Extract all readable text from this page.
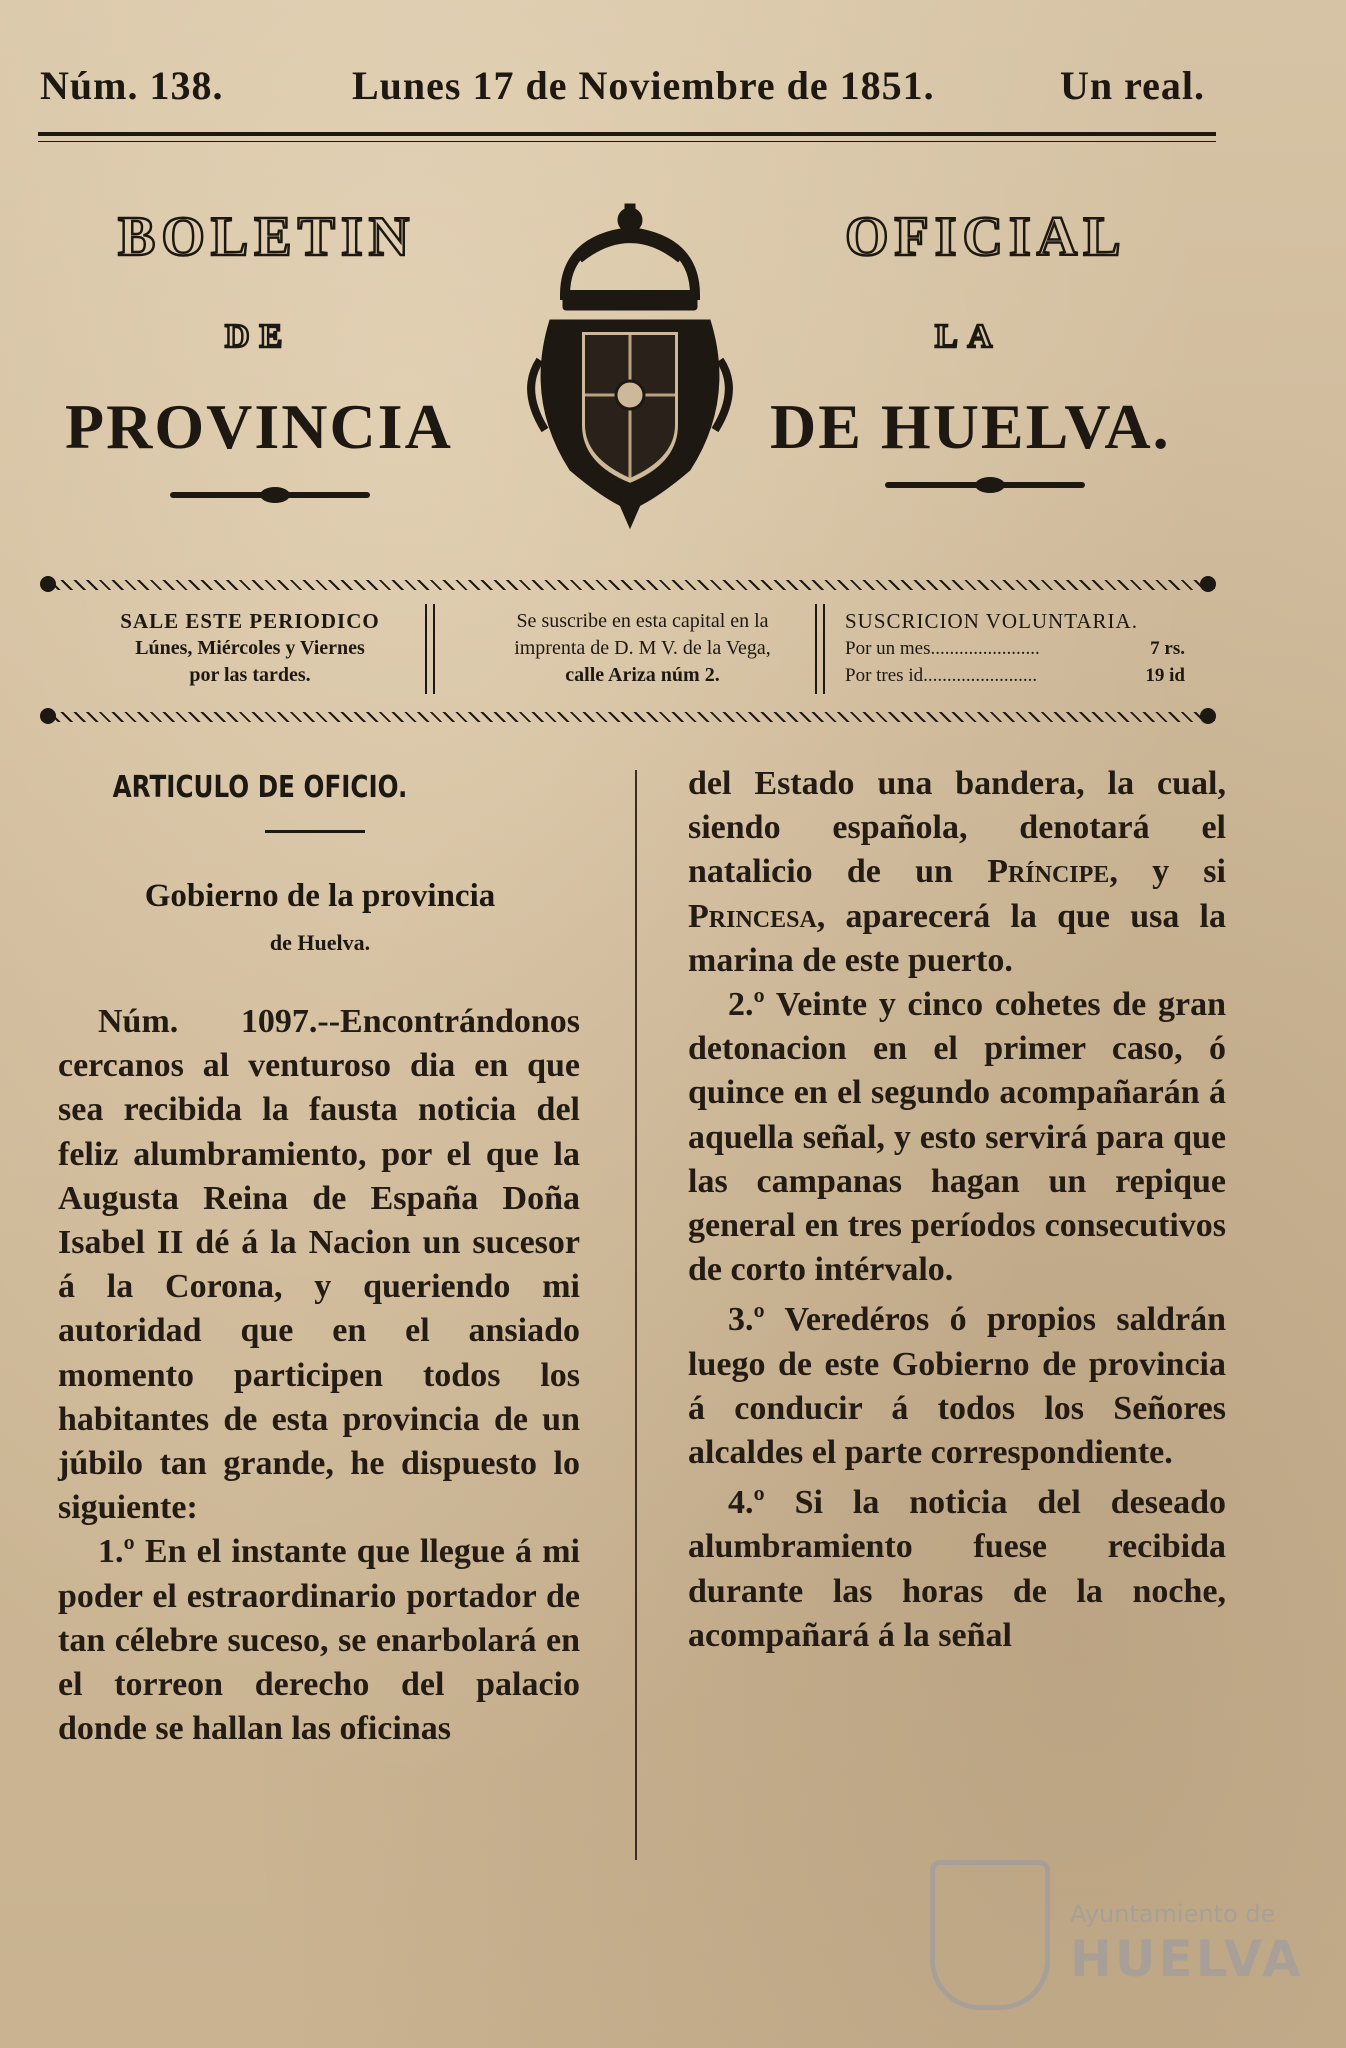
Núm. 138.	Lunes 17 de Noviembre de 1851.	Un real.
BOLETIN	OFICIAL
DE	LA
PROVINCIA	DE HUELVA.
SALE ESTE PERIODICO
Lúnes, Miércoles y Viernes
por las tardes.
Se suscribe en esta capital en la
imprenta de D. M V. de la Vega,
calle Ariza núm 2.
SUSCRICION VOLUNTARIA.
Por un mes.......................	7 rs.
Por tres id........................	19 id
ARTICULO DE OFICIO.
Gobierno de la provincia
de Huelva.

Núm. 1097.--Encontrándonos cercanos al venturoso dia en que sea recibida la fausta noticia del feliz alumbramiento, por el que la Augusta Reina de España Doña Isabel II dé á la Nacion un sucesor á la Corona, y queriendo mi autoridad que en el ansiado momento participen todos los habitantes de esta provincia de un júbilo tan grande, he dispuesto lo siguiente:

1.º En el instante que llegue á mi poder el estraordinario portador de tan célebre suceso, se enarbolará en el torreon derecho del palacio donde se hallan las oficinas

del Estado una bandera, la cual, siendo española, denotará el natalicio de un Príncipe, y si Princesa, aparecerá la que usa la marina de este puerto.

2.º Veinte y cinco cohetes de gran detonacion en el primer caso, ó quince en el segundo acompañarán á aquella señal, y esto servirá para que las campanas hagan un repique general en tres períodos consecutivos de corto intérvalo.

3.º Veredéros ó propios saldrán luego de este Gobierno de provincia á conducir á todos los Señores alcaldes el parte correspondiente.

4.º Si la noticia del deseado alumbramiento fuese recibida durante las horas de la noche, acompañará á la señal

Ayuntamiento de
HUELVA
